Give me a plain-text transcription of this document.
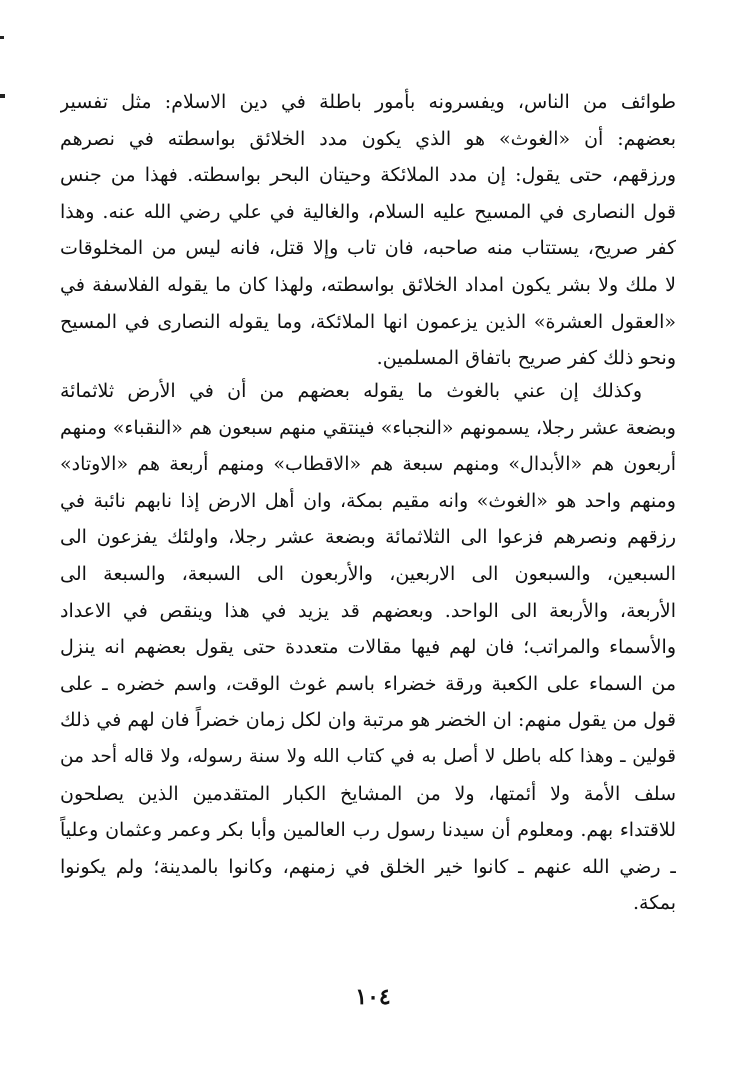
طوائف من الناس، ويفسرونه بأمور باطلة في دين الاسلام: مثل تفسير
بعضهم: أن «الغوث» هو الذي يكون مدد الخلائق بواسطته في نصرهم
ورزقهم، حتى يقول: إن مدد الملائكة وحيتان البحر بواسطته. فهذا من جنس
قول النصارى في المسيح عليه السلام، والغالية في علي رضي الله عنه. وهذا
كفر صريح، يستتاب منه صاحبه، فان تاب وإلا قتل، فانه ليس من المخلوقات
لا ملك ولا بشر يكون امداد الخلائق بواسطته، ولهذا كان ما يقوله الفلاسفة في
«العقول العشرة» الذين يزعمون انها الملائكة، وما يقوله النصارى في المسيح
ونحو ذلك كفر صريح باتفاق المسلمين.
وكذلك إن عني بالغوث ما يقوله بعضهم من أن في الأرض ثلاثمائة
وبضعة عشر رجلا، يسمونهم «النجباء» فينتقي منهم سبعون هم «النقباء» ومنهم
أربعون هم «الأبدال» ومنهم سبعة هم «الاقطاب» ومنهم أربعة هم «الاوتاد»
ومنهم واحد هو «الغوث» وانه مقيم بمكة، وان أهل الارض إذا نابهم نائبة في
رزقهم ونصرهم فزعوا الى الثلاثمائة وبضعة عشر رجلا، واولئك يفزعون الى
السبعين، والسبعون الى الاربعين، والأربعون الى السبعة، والسبعة الى
الأربعة، والأربعة الى الواحد. وبعضهم قد يزيد في هذا وينقص في الاعداد
والأسماء والمراتب؛ فان لهم فيها مقالات متعددة حتى يقول بعضهم انه ينزل
من السماء على الكعبة ورقة خضراء باسم غوث الوقت، واسم خضره ـ على
قول من يقول منهم: ان الخضر هو مرتبة وان لكل زمان خضراً فان لهم في ذلك
قولين ـ وهذا كله باطل لا أصل به في كتاب الله ولا سنة رسوله، ولا قاله أحد من
سلف الأمة ولا أئمتها، ولا من المشايخ الكبار المتقدمين الذين يصلحون
للاقتداء بهم. ومعلوم أن سيدنا رسول رب العالمين وأبا بكر وعمر وعثمان وعلياً
ـ رضي الله عنهم ـ كانوا خير الخلق في زمنهم، وكانوا بالمدينة؛ ولم يكونوا
بمكة.
١٠٤
